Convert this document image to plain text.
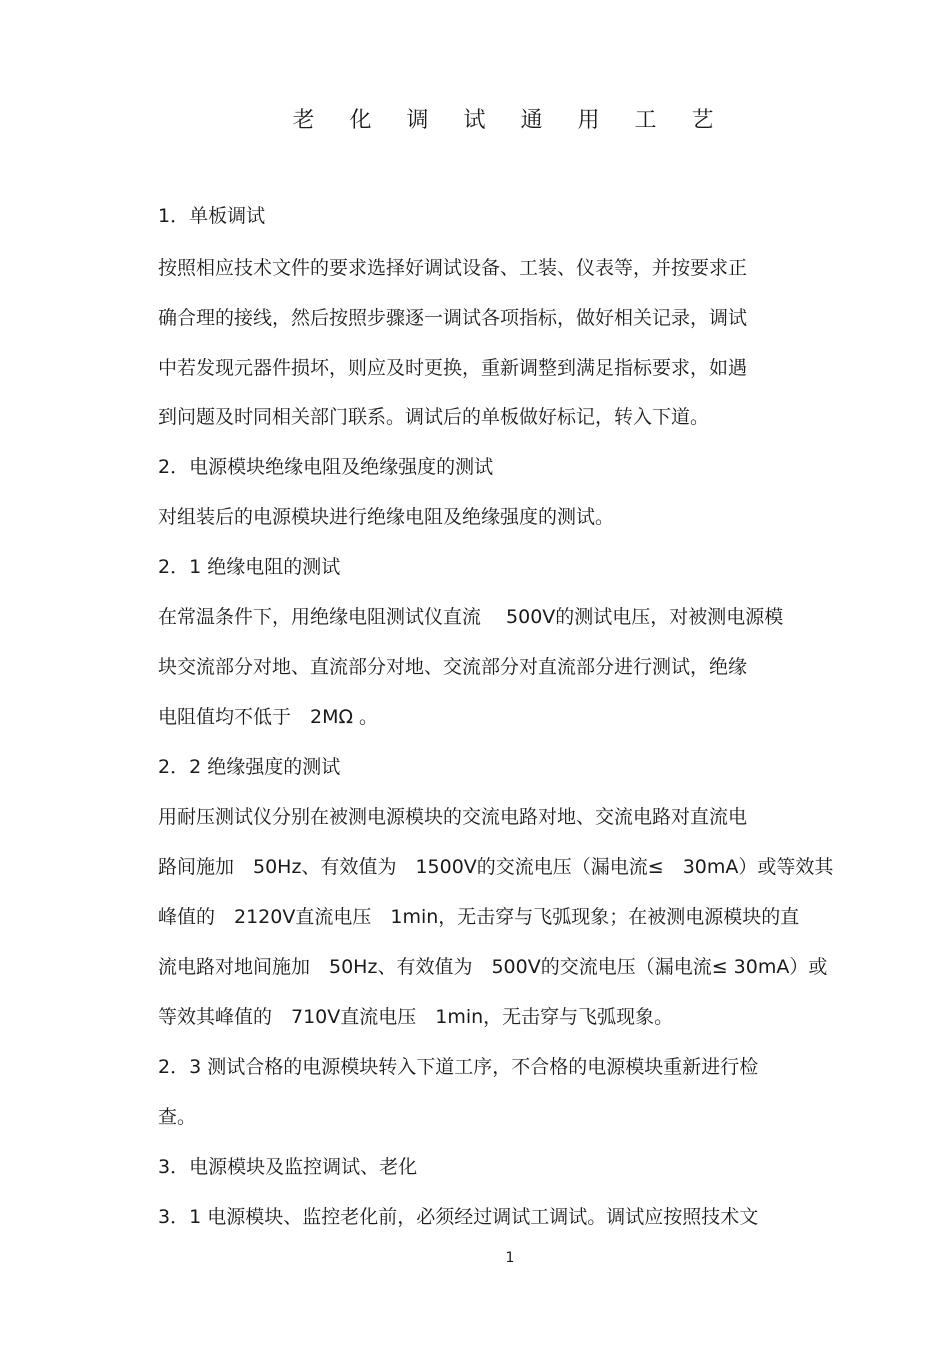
老 化 调 试 通 用 工 艺
1．单板调试
按照相应技术文件的要求选择好调试设备、工装、仪表等，并按要求正
确合理的接线，然后按照步骤逐一调试各项指标，做好相关记录，调试
中若发现元器件损坏，则应及时更换，重新调整到满足指标要求，如遇
到问题及时同相关部门联系。调试后的单板做好标记，转入下道。
2．电源模块绝缘电阻及绝缘强度的测试
对组装后的电源模块进行绝缘电阻及绝缘强度的测试。
2．1 绝缘电阻的测试
在常温条件下，用绝缘电阻测试仪直流　 500V的测试电压，对被测电源模
块交流部分对地、直流部分对地、交流部分对直流部分进行测试，绝缘
电阻值均不低于　2MΩ 。
2．2 绝缘强度的测试
用耐压测试仪分别在被测电源模块的交流电路对地、交流电路对直流电
路间施加　50Hz、有效值为　1500V的交流电压（漏电流≤　30mA）或等效其
峰值的　2120V直流电压　1min，无击穿与飞弧现象；在被测电源模块的直
流电路对地间施加　50Hz、有效值为　500V的交流电压（漏电流≤ 30mA）或
等效其峰值的　710V直流电压　1min，无击穿与飞弧现象。
2．3 测试合格的电源模块转入下道工序，不合格的电源模块重新进行检
查。
3．电源模块及监控调试、老化
3．1 电源模块、监控老化前，必须经过调试工调试。调试应按照技术文
1
